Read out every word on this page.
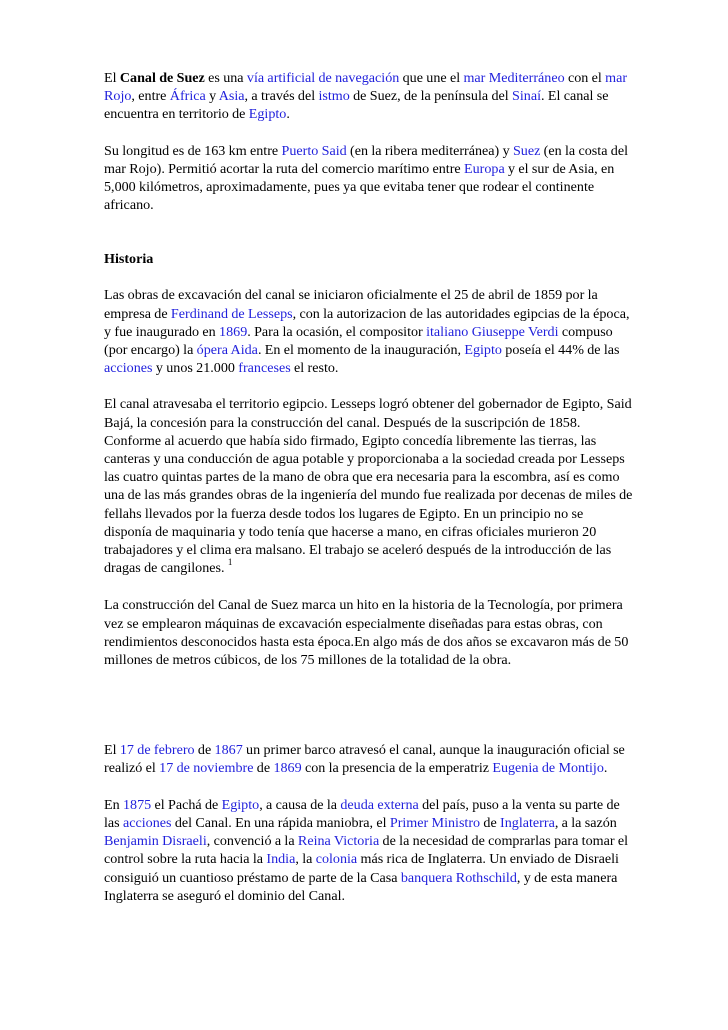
El Canal de Suez es una vía artificial de navegación que une el mar Mediterráneo con el mar Rojo, entre África y Asia, a través del istmo de Suez, de la península del Sinaí. El canal se encuentra en territorio de Egipto.

Su longitud es de 163 km entre Puerto Said (en la ribera mediterránea) y Suez (en la costa del mar Rojo). Permitió acortar la ruta del comercio marítimo entre Europa y el sur de Asia, en 5,000 kilómetros, aproximadamente, pues ya que evitaba tener que rodear el continente africano.

Historia

Las obras de excavación del canal se iniciaron oficialmente el 25 de abril de 1859 por la empresa de Ferdinand de Lesseps, con la autorizacion de las autoridades egipcias de la época, y fue inaugurado en 1869. Para la ocasión, el compositor italiano Giuseppe Verdi compuso (por encargo) la ópera Aida. En el momento de la inauguración, Egipto poseía el 44% de las acciones y unos 21.000 franceses el resto.

El canal atravesaba el territorio egipcio. Lesseps logró obtener del gobernador de Egipto, Said Bajá, la concesión para la construcción del canal. Después de la suscripción de 1858. Conforme al acuerdo que había sido firmado, Egipto concedía libremente las tierras, las canteras y una conducción de agua potable y proporcionaba a la sociedad creada por Lesseps las cuatro quintas partes de la mano de obra que era necesaria para la escombra, así es como una de las más grandes obras de la ingeniería del mundo fue realizada por decenas de miles de fellahs llevados por la fuerza desde todos los lugares de Egipto. En un principio no se disponía de maquinaria y todo tenía que hacerse a mano, en cifras oficiales murieron 20 trabajadores y el clima era malsano. El trabajo se aceleró después de la introducción de las dragas de cangilones. $^1$

La construcción del Canal de Suez marca un hito en la historia de la Tecnología, por primera vez se emplearon máquinas de excavación especialmente diseñadas para estas obras, con rendimientos desconocidos hasta esta época.En algo más de dos años se excavaron más de 50 millones de metros cúbicos, de los 75 millones de la totalidad de la obra.

El 17 de febrero de 1867 un primer barco atravesó el canal, aunque la inauguración oficial se realizó el 17 de noviembre de 1869 con la presencia de la emperatriz Eugenia de Montijo.

En 1875 el Pachá de Egipto, a causa de la deuda externa del país, puso a la venta su parte de las acciones del Canal. En una rápida maniobra, el Primer Ministro de Inglaterra, a la sazón Benjamin Disraeli, convenció a la Reina Victoria de la necesidad de comprarlas para tomar el control sobre la ruta hacia la India, la colonia más rica de Inglaterra. Un enviado de Disraeli consiguió un cuantioso préstamo de parte de la Casa banquera Rothschild, y de esta manera Inglaterra se aseguró el dominio del Canal.
